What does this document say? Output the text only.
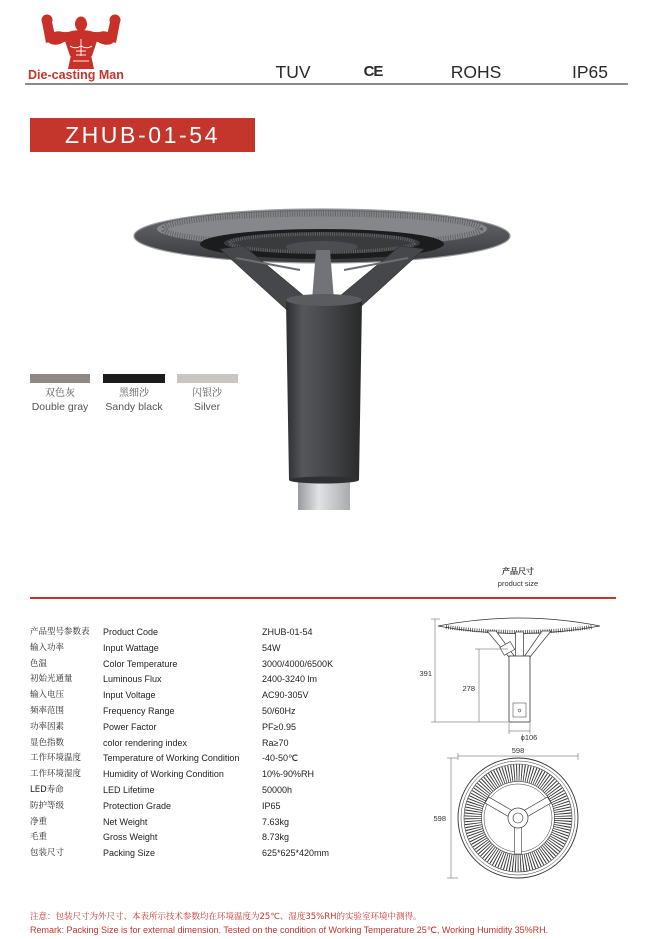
Die-casting Man	TUV	CE	ROHS	IP65
ZHUB-01-54
双色灰	黑细沙	闪银沙
Double gray	Sandy black	Silver
产品尺寸
product size
产品型号参数表 Product Code	ZHUB-01-54
输入功率	Input Wattage	54W
色温	Color Temperature	3000/4000/6500K
初始光通量	Luminous Flux	2400-3240 lm
输入电压	Input Voltage	AC90-305V
频率范围	Frequency Range	50/60Hz
功率因素	Power Factor	PF≥0.95
显色指数	color rendering index	Ra≥70
工作环境温度 Temperature of Working Condition	-40-50℃
工作环境湿度 Humidity of Working Condition	10%-90%RH
LED寿命	LED Lifetime	50000h
防护等级	Protection Grade	IP65
净重	Net Weight	7.63kg
毛重	Gross Weight	8.73kg
包装尺寸	Packing Size	625*625*420mm
391
278
ϕ106
598
598
注意：包装尺寸为外尺寸、本表所示技术参数均在环境温度为25℃、湿度35%RH的实验室环境中测得。
Remark: Packing Size is for external dimension. Tested on the condition of Working Temperature 25℃, Working Humidity 35%RH.
